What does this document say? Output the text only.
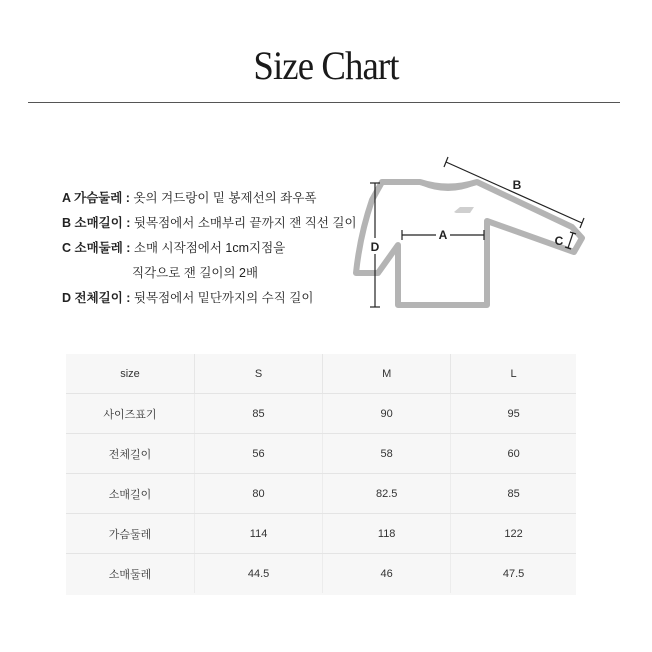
Size Chart
A 가슴둘레 : 옷의 겨드랑이 밑 봉제선의 좌우폭
B 소매길이 : 뒷목점에서 소매부리 끝까지 잰 직선 길이
C 소매둘레 : 소매 시작점에서 1cm지점을
직각으로 잰 길이의 2배
D 전체길이 : 뒷목점에서 밑단까지의 수직 길이
D
A
B
C
size	S	M	L
사이즈표기	85	90	95
전체길이	56	58	60
소매길이	80	82.5	85
가슴둘레	114	118	122
소매둘레	44.5	46	47.5
